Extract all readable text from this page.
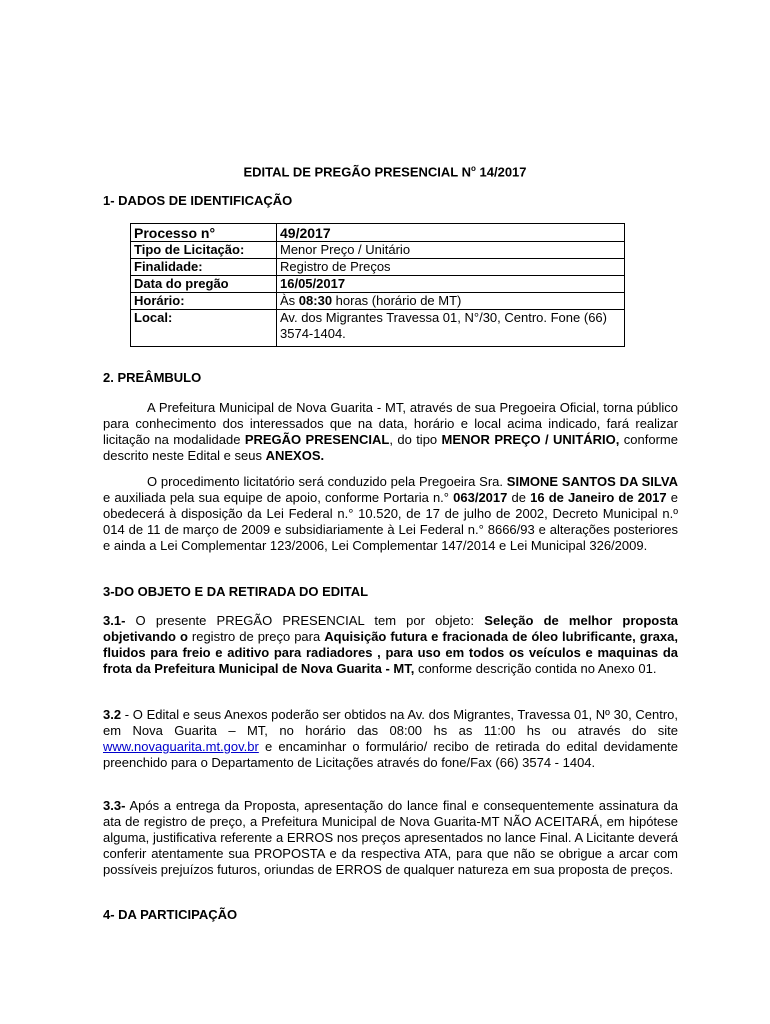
EDITAL DE PREGÃO PRESENCIAL $N^o$ 14/2017
1- DADOS DE IDENTIFICAÇÃO
Processo n°	49/2017
Tipo de Licitação:	Menor Preço / Unitário
Finalidade:	Registro de Preços
Data do pregão	16/05/2017
Horário:	Às 08:30 horas (horário de MT)
Local:	Av. dos Migrantes Travessa 01, N°/30, Centro. Fone (66) 3574-1404.
2. PREÂMBULO
A Prefeitura Municipal de Nova Guarita - MT, através de sua Pregoeira Oficial, torna público para conhecimento dos interessados que na data, horário e local acima indicado, fará realizar licitação na modalidade PREGÃO PRESENCIAL, do tipo MENOR PREÇO / UNITÁRIO, conforme descrito neste Edital e seus ANEXOS.
O procedimento licitatório será conduzido pela Pregoeira Sra. SIMONE SANTOS DA SILVA e auxiliada pela sua equipe de apoio, conforme Portaria n.° 063/2017 de 16 de Janeiro de 2017 e obedecerá à disposição da Lei Federal n.° 10.520, de 17 de julho de 2002, Decreto Municipal n.º 014 de 11 de março de 2009 e subsidiariamente à Lei Federal n.° 8666/93 e alterações posteriores e ainda a Lei Complementar 123/2006, Lei Complementar 147/2014 e Lei Municipal 326/2009.
3-DO OBJETO E DA RETIRADA DO EDITAL
3.1- O presente PREGÃO PRESENCIAL tem por objeto: Seleção de melhor proposta objetivando o registro de preço para Aquisição futura e fracionada de óleo lubrificante, graxa, fluidos para freio e aditivo para radiadores , para uso em todos os veículos e maquinas da frota da Prefeitura Municipal de Nova Guarita - MT, conforme descrição contida no Anexo 01.
3.2 - O Edital e seus Anexos poderão ser obtidos na Av. dos Migrantes, Travessa 01, Nº 30, Centro, em Nova Guarita – MT, no horário das 08:00 hs as 11:00 hs ou através do site www.novaguarita.mt.gov.br e encaminhar o formulário/ recibo de retirada do edital devidamente preenchido para o Departamento de Licitações através do fone/Fax (66) 3574 - 1404.
3.3- Após a entrega da Proposta, apresentação do lance final e consequentemente assinatura da ata de registro de preço, a Prefeitura Municipal de Nova Guarita-MT NÃO ACEITARÁ, em hipótese alguma, justificativa referente a ERROS nos preços apresentados no lance Final. A Licitante deverá conferir atentamente sua PROPOSTA e da respectiva ATA, para que não se obrigue a arcar com possíveis prejuízos futuros, oriundas de ERROS de qualquer natureza em sua proposta de preços.
4- DA PARTICIPAÇÃO
